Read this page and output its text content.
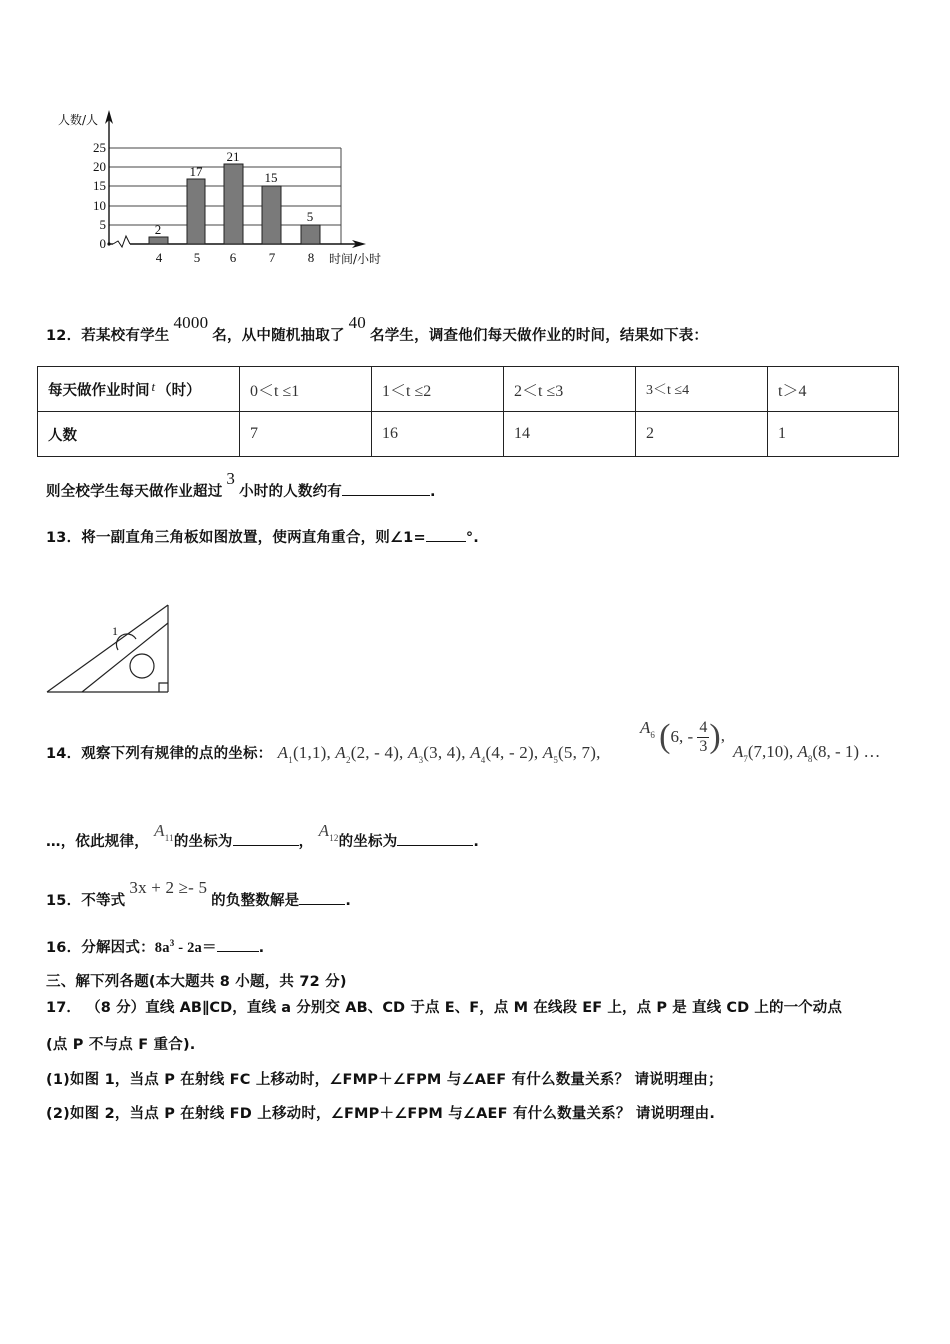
2
17
21
15
5
25
20
15
10
5
0
4 5 6	7	8
人数/人
时间/小时
12．若某校有学生4000名，从中随机抽取了40名学生，调查他们每天做作业的时间，结果如下表：
每天做作业时间 t （时）	0＜t ≤1	1＜t ≤2	2＜t ≤3	3＜t ≤4	t＞4
人数	7	16	14	2	1
则全校学生每天做作业超过3小时的人数约有	.
13．将一副直角三角板如图放置，使两直角重合，则∠1=	°.
1
14．观察下列有规律的点的坐标： $A_1(1,1)$, $A_2(2$, - 4), $A_3(3$, 4), $A_4(4$, - 2), $A_5(5$, 7),
$A_6$ (6, - $\frac{4}{3}$ ),
$A_7(7,10)$, $A_8(8$, - 1) …
…，依此规律， $A_{11}$的坐标为	， $A_{12}$的坐标为	.
15．不等式3x + 2 ≥- 5的负整数解是	.
16．分解因式：$8a^3 - 2a=$	.
三、解下列各题(本大题共 8 小题，共 72 分)
17． （8 分）直线 AB∥CD，直线 a 分别交 AB、CD 于点 E、F，点 M 在线段 EF 上，点 P 是 直线 CD 上的一个动点
(点 P 不与点 F 重合).
(1)如图 1，当点 P 在射线 FC 上移动时，∠FMP＋∠FPM 与∠AEF 有什么数量关系？ 请说明理由；
(2)如图 2，当点 P 在射线 FD 上移动时，∠FMP＋∠FPM 与∠AEF 有什么数量关系？ 请说明理由.
